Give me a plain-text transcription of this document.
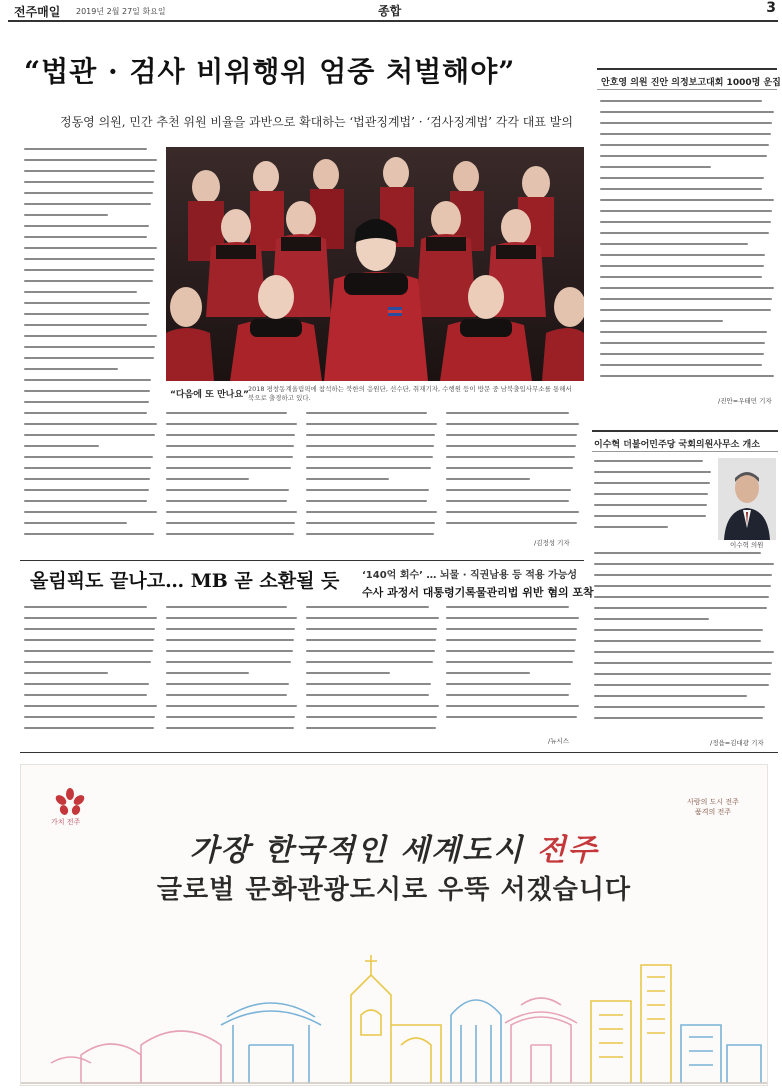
전주매일 2019년 2월 27일 화요일	종합	3
“법관 · 검사 비위행위 엄중 처벌해야”
정동영 의원, 민간 추천 위원 비율을 과반으로 확대하는 ‘법관징계법’ · ‘검사징계법’ 각각 대표 발의
“다음에 또 만나요”
2018 평창동계올림픽에 참석하는 북한의 응원단, 선수단, 취재기자, 수행원 등이 방문 중 남북출입사무소를 통해서 북으로 출경하고 있다.
/김정성 기자
안호영 의원 진안 의정보고대회 1000명 운집
/진안=우태민 기자
이수혁 더불어민주당 국회의원사무소 개소
이수혁 의원
/정읍=김대광 기자
올림픽도 끝나고… MB 곧 소환될 듯 ‘140억 회수’ … 뇌물 · 직권남용 등 적용 가능성
수사 과정서 대통령기록물관리법 위반 혐의 포착
/뉴시스
가치 전주
사람의 도시 전주 품격의 전주
가장 한국적인 세계도시 전주
글로벌 문화관광도시로 우뚝 서겠습니다
